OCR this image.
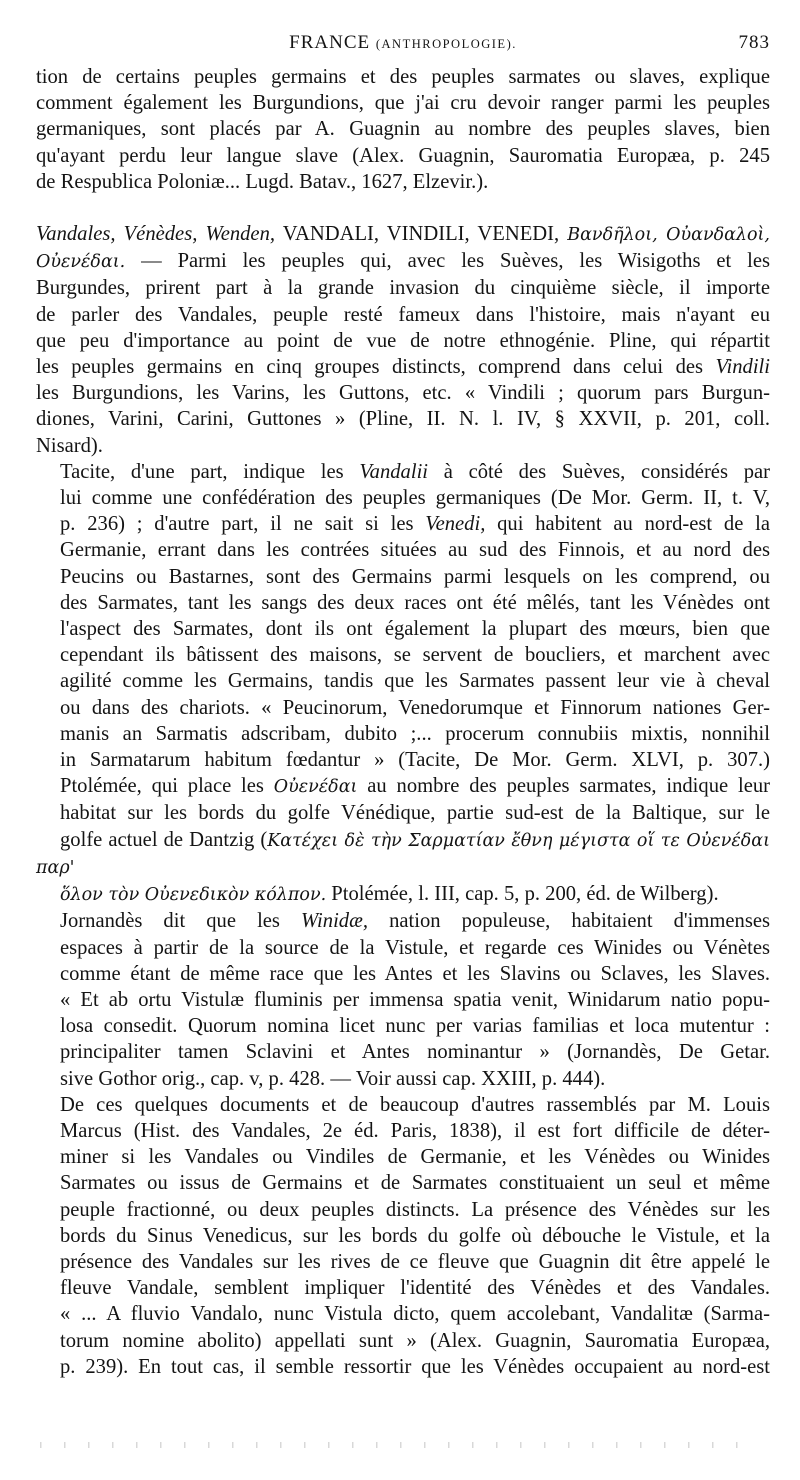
FRANCE (ANTHROPOLOGIE).	783

tion de certains peuples germains et des peuples sarmates ou slaves, explique
comment également les Burgundions, que j'ai cru devoir ranger parmi les peuples
germaniques, sont placés par A. Guagnin au nombre des peuples slaves, bien
qu'ayant perdu leur langue slave (Alex. Guagnin, Sauromatia Europæa, p. 245
de Respublica Poloniæ... Lugd. Batav., 1627, Elzevir.).

Vandales, Vénèdes, Wenden, VANDALI, VINDILI, VENEDI, Βανδῆλοι, Οὐανδαλοὶ,
Οὐενέδαι. — Parmi les peuples qui, avec les Suèves, les Wisigoths et les
Burgundes, prirent part à la grande invasion du cinquième siècle, il importe
de parler des Vandales, peuple resté fameux dans l'histoire, mais n'ayant eu
que peu d'importance au point de vue de notre ethnogénie. Pline, qui répartit
les peuples germains en cinq groupes distincts, comprend dans celui des Vindili
les Burgundions, les Varins, les Guttons, etc. « Vindili ; quorum pars Burgun-
diones, Varini, Carini, Guttones » (Pline, II. N. l. IV, § XXVII, p. 201, coll.
Nisard).

Tacite, d'une part, indique les Vandalii à côté des Suèves, considérés par
lui comme une confédération des peuples germaniques (De Mor. Germ. II, t. V,
p. 236) ; d'autre part, il ne sait si les Venedi, qui habitent au nord-est de la
Germanie, errant dans les contrées situées au sud des Finnois, et au nord des
Peucins ou Bastarnes, sont des Germains parmi lesquels on les comprend, ou
des Sarmates, tant les sangs des deux races ont été mêlés, tant les Vénèdes ont
l'aspect des Sarmates, dont ils ont également la plupart des mœurs, bien que
cependant ils bâtissent des maisons, se servent de boucliers, et marchent avec
agilité comme les Germains, tandis que les Sarmates passent leur vie à cheval
ou dans des chariots. « Peucinorum, Venedorumque et Finnorum nationes Ger-
manis an Sarmatis adscribam, dubito ;... procerum connubiis mixtis, nonnihil
in Sarmatarum habitum fœdantur » (Tacite, De Mor. Germ. XLVI, p. 307.)
Ptolémée, qui place les Οὐενέδαι au nombre des peuples sarmates, indique leur
habitat sur les bords du golfe Vénédique, partie sud-est de la Baltique, sur le
golfe actuel de Dantzig (Κατέχει δὲ τὴν Σαρματίαν ἔθνη μέγιστα οἵ τε Οὐενέδαι παρ'
ὅλον τὸν Οὐενεδικὸν κόλπον. Ptolémée, l. III, cap. 5, p. 200, éd. de Wilberg).

Jornandès dit que les Winidæ, nation populeuse, habitaient d'immenses
espaces à partir de la source de la Vistule, et regarde ces Winides ou Vénètes
comme étant de même race que les Antes et les Slavins ou Sclaves, les Slaves.
« Et ab ortu Vistulæ fluminis per immensa spatia venit, Winidarum natio popu-
losa consedit. Quorum nomina licet nunc per varias familias et loca mutentur :
principaliter tamen Sclavini et Antes nominantur » (Jornandès, De Getar.
sive Gothor orig., cap. v, p. 428. — Voir aussi cap. XXIII, p. 444).

De ces quelques documents et de beaucoup d'autres rassemblés par M. Louis
Marcus (Hist. des Vandales, 2e éd. Paris, 1838), il est fort difficile de déter-
miner si les Vandales ou Vindiles de Germanie, et les Vénèdes ou Winides
Sarmates ou issus de Germains et de Sarmates constituaient un seul et même
peuple fractionné, ou deux peuples distincts. La présence des Vénèdes sur les
bords du Sinus Venedicus, sur les bords du golfe où débouche le Vistule, et la
présence des Vandales sur les rives de ce fleuve que Guagnin dit être appelé le
fleuve Vandale, semblent impliquer l'identité des Vénèdes et des Vandales.
« ... A fluvio Vandalo, nunc Vistula dicto, quem accolebant, Vandalitæ (Sarma-
torum nomine abolito) appellati sunt » (Alex. Guagnin, Sauromatia Europæa,
p. 239). En tout cas, il semble ressortir que les Vénèdes occupaient au nord-est
